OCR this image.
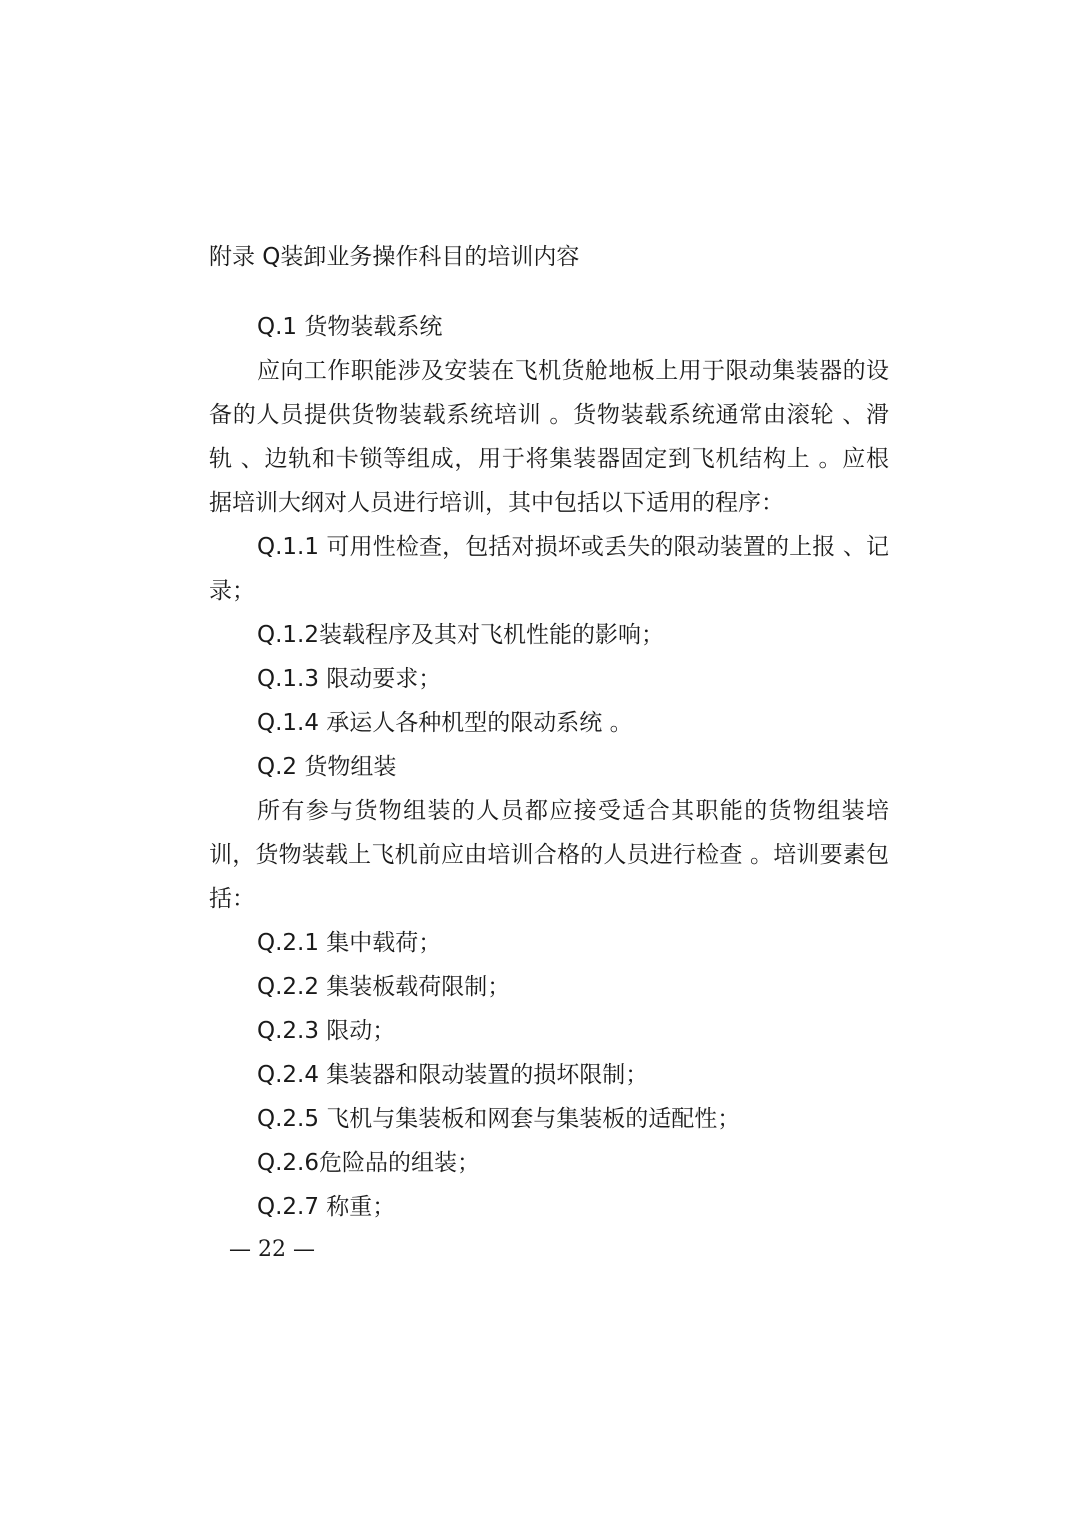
附录 Q装卸业务操作科目的培训内容
Q.1 货物装载系统

应向工作职能涉及安装在飞机货舱地板上用于限动集装器的设备的人员提供货物装载系统培训 。货物装载系统通常由滚轮 、滑轨 、边轨和卡锁等组成，用于将集装器固定到飞机结构上 。应根据培训大纲对人员进行培训，其中包括以下适用的程序：

Q.1.1 可用性检查，包括对损坏或丢失的限动装置的上报 、记录；

Q.1.2装载程序及其对飞机性能的影响；
Q.1.3 限动要求；
Q.1.4 承运人各种机型的限动系统 。
Q.2 货物组装

所有参与货物组装的人员都应接受适合其职能的货物组装培训，货物装载上飞机前应由培训合格的人员进行检查 。培训要素包括：

Q.2.1 集中载荷；
Q.2.2 集装板载荷限制；
Q.2.3 限动；
Q.2.4 集装器和限动装置的损坏限制；
Q.2.5 飞机与集装板和网套与集装板的适配性；
Q.2.6危险品的组装；
Q.2.7 称重；
— 22 —
